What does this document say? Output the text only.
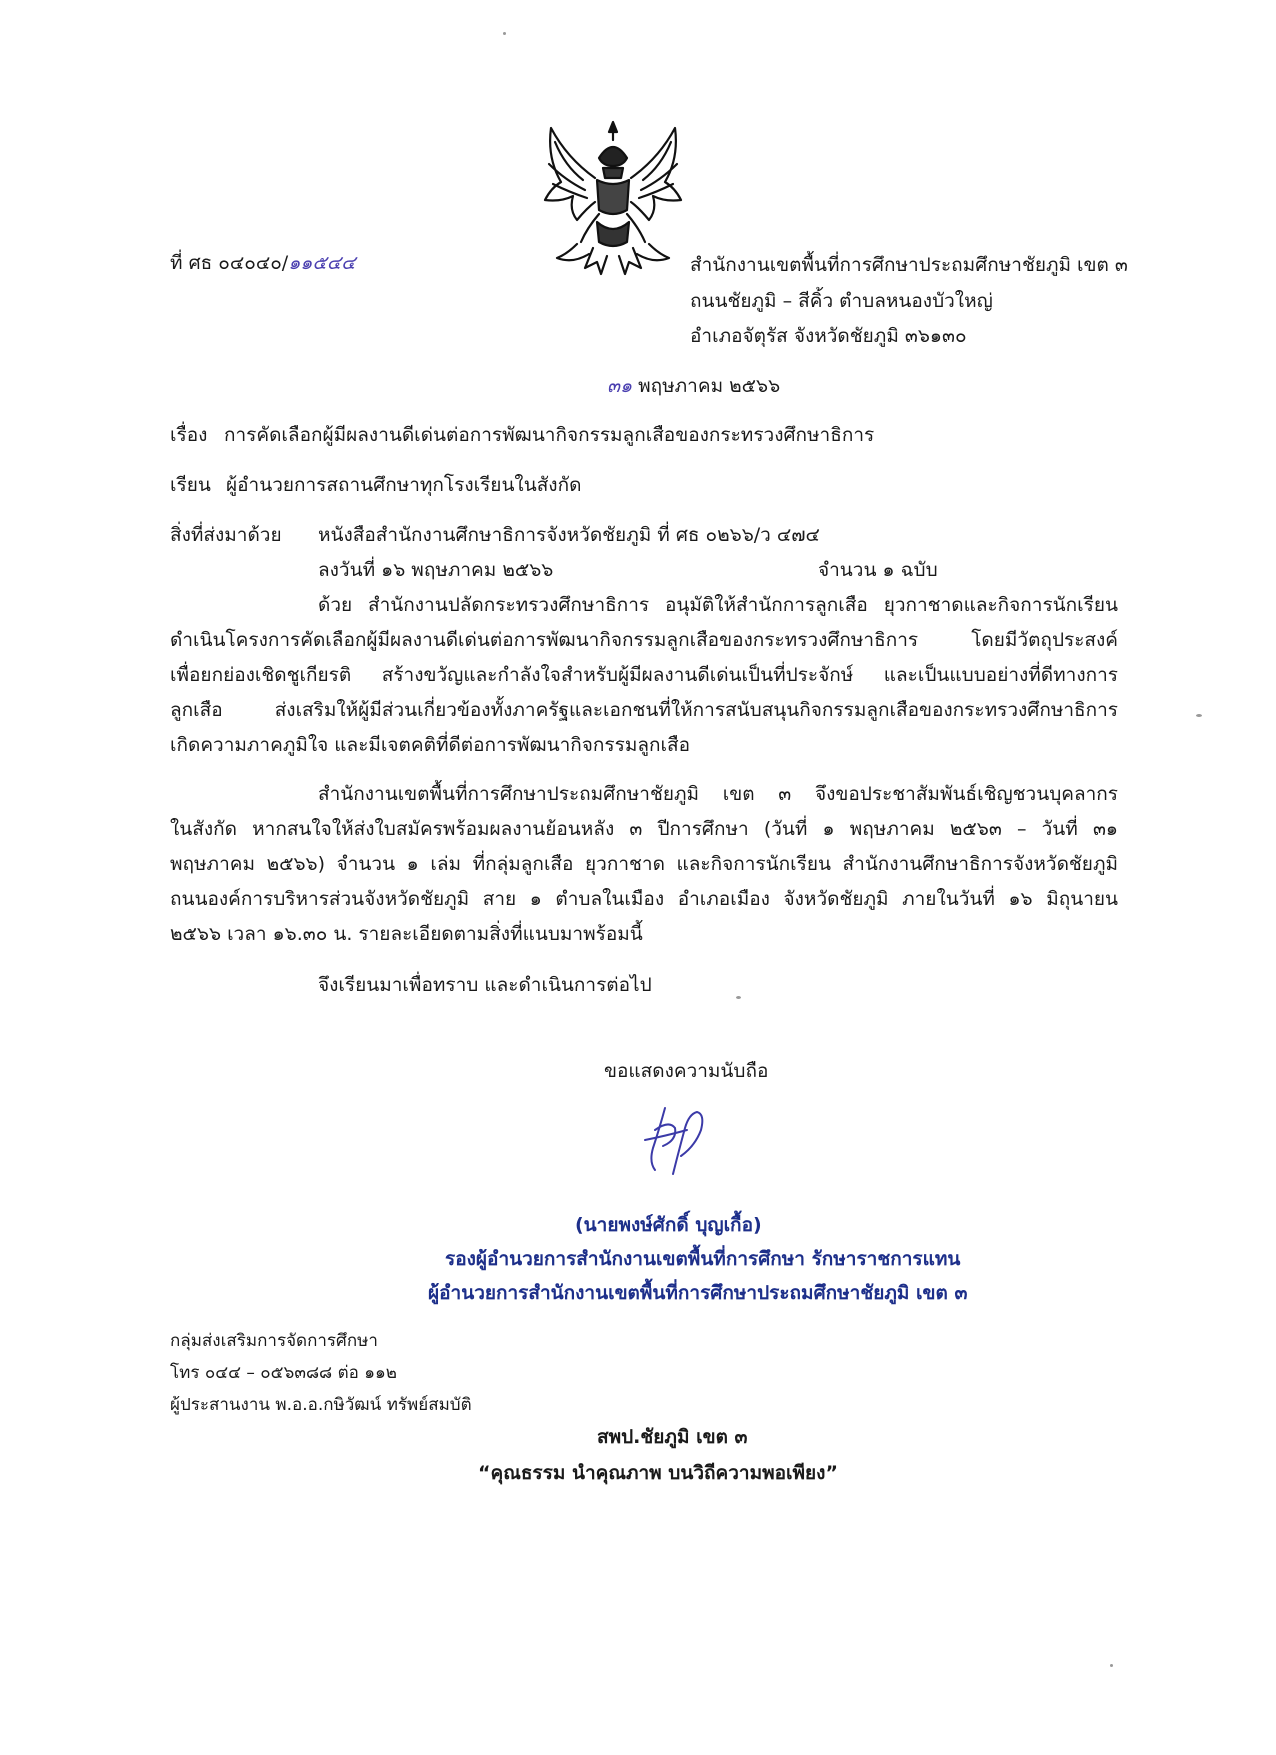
ที่ ศธ ๐๔๐๔๐/๑๑๕๔๔	สำนักงานเขตพื้นที่การศึกษาประถมศึกษาชัยภูมิ เขต ๓
ถนนชัยภูมิ – สีคิ้ว ตำบลหนองบัวใหญ่
อำเภอจัตุรัส จังหวัดชัยภูมิ ๓๖๑๓๐
๓๑ พฤษภาคม ๒๕๖๖
เรื่อง การคัดเลือกผู้มีผลงานดีเด่นต่อการพัฒนากิจกรรมลูกเสือของกระทรวงศึกษาธิการ
เรียน ผู้อำนวยการสถานศึกษาทุกโรงเรียนในสังกัด
สิ่งที่ส่งมาด้วย หนังสือสำนักงานศึกษาธิการจังหวัดชัยภูมิ ที่ ศธ ๐๒๖๖/ว ๔๗๔
ลงวันที่ ๑๖ พฤษภาคม ๒๕๖๖	จำนวน ๑ ฉบับ
ด้วย สำนักงานปลัดกระทรวงศึกษาธิการ อนุมัติให้สำนักการลูกเสือ ยุวกาชาดและกิจการนักเรียน
ดำเนินโครงการคัดเลือกผู้มีผลงานดีเด่นต่อการพัฒนากิจกรรมลูกเสือของกระทรวงศึกษาธิการ โดยมีวัตถุประสงค์
เพื่อยกย่องเชิดชูเกียรติ สร้างขวัญและกำลังใจสำหรับผู้มีผลงานดีเด่นเป็นที่ประจักษ์ และเป็นแบบอย่างที่ดีทางการ
ลูกเสือ ส่งเสริมให้ผู้มีส่วนเกี่ยวข้องทั้งภาครัฐและเอกชนที่ให้การสนับสนุนกิจกรรมลูกเสือของกระทรวงศึกษาธิการ
เกิดความภาคภูมิใจ และมีเจตคติที่ดีต่อการพัฒนากิจกรรมลูกเสือ
สำนักงานเขตพื้นที่การศึกษาประถมศึกษาชัยภูมิ เขต ๓ จึงขอประชาสัมพันธ์เชิญชวนบุคลากร
ในสังกัด หากสนใจให้ส่งใบสมัครพร้อมผลงานย้อนหลัง ๓ ปีการศึกษา (วันที่ ๑ พฤษภาคม ๒๕๖๓ – วันที่ ๓๑
พฤษภาคม ๒๕๖๖) จำนวน ๑ เล่ม ที่กลุ่มลูกเสือ ยุวกาชาด และกิจการนักเรียน สำนักงานศึกษาธิการจังหวัดชัยภูมิ
ถนนองค์การบริหารส่วนจังหวัดชัยภูมิ สาย ๑ ตำบลในเมือง อำเภอเมือง จังหวัดชัยภูมิ ภายในวันที่ ๑๖ มิถุนายน
๒๕๖๖ เวลา ๑๖.๓๐ น. รายละเอียดตามสิ่งที่แนบมาพร้อมนี้
จึงเรียนมาเพื่อทราบ และดำเนินการต่อไป
ขอแสดงความนับถือ
(นายพงษ์ศักดิ์ บุญเกื้อ)
รองผู้อำนวยการสำนักงานเขตพื้นที่การศึกษา รักษาราชการแทน
ผู้อำนวยการสำนักงานเขตพื้นที่การศึกษาประถมศึกษาชัยภูมิ เขต ๓
กลุ่มส่งเสริมการจัดการศึกษา
โทร ๐๔๔ – ๐๕๖๓๘๘ ต่อ ๑๑๒
ผู้ประสานงาน พ.อ.อ.กษิวัฒน์ ทรัพย์สมบัติ
สพป.ชัยภูมิ เขต ๓
“คุณธรรม นำคุณภาพ บนวิถีความพอเพียง”
